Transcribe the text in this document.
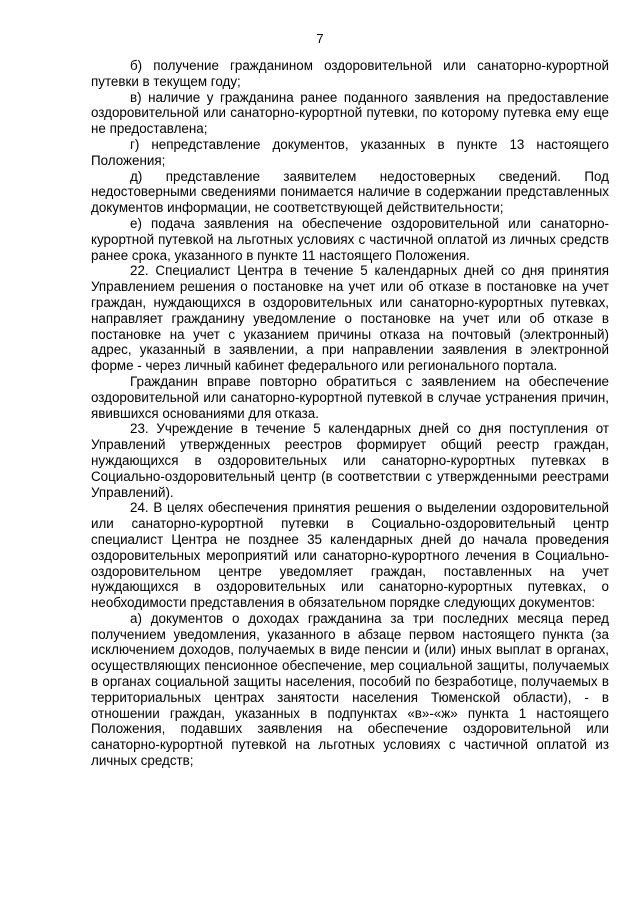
7

б) получение гражданином оздоровительной или санаторно-курортной путевки в текущем году;

в) наличие у гражданина ранее поданного заявления на предоставление оздоровительной или санаторно-курортной путевки, по которому путевка ему еще не предоставлена;

г) непредставление документов, указанных в пункте 13 настоящего Положения;

д) представление заявителем недостоверных сведений. Под недостоверными сведениями понимается наличие в содержании представленных документов информации, не соответствующей действительности;

е) подача заявления на обеспечение оздоровительной или санаторно-курортной путевкой на льготных условиях с частичной оплатой из личных средств ранее срока, указанного в пункте 11 настоящего Положения.

22. Специалист Центра в течение 5 календарных дней со дня принятия Управлением решения о постановке на учет или об отказе в постановке на учет граждан, нуждающихся в оздоровительных или санаторно-курортных путевках, направляет гражданину уведомление о постановке на учет или об отказе в постановке на учет с указанием причины отказа на почтовый (электронный) адрес, указанный в заявлении, а при направлении заявления в электронной форме - через личный кабинет федерального или регионального портала.

Гражданин вправе повторно обратиться с заявлением на обеспечение оздоровительной или санаторно-курортной путевкой в случае устранения причин, явившихся основаниями для отказа.

23. Учреждение в течение 5 календарных дней со дня поступления от Управлений утвержденных реестров формирует общий реестр граждан, нуждающихся в оздоровительных или санаторно-курортных путевках в Социально-оздоровительный центр (в соответствии с утвержденными реестрами Управлений).

24. В целях обеспечения принятия решения о выделении оздоровительной или санаторно-курортной путевки в Социально-оздоровительный центр специалист Центра не позднее 35 календарных дней до начала проведения оздоровительных мероприятий или санаторно-курортного лечения в Социально-оздоровительном центре уведомляет граждан, поставленных на учет нуждающихся в оздоровительных или санаторно-курортных путевках, о необходимости представления в обязательном порядке следующих документов:

а) документов о доходах гражданина за три последних месяца перед получением уведомления, указанного в абзаце первом настоящего пункта (за исключением доходов, получаемых в виде пенсии и (или) иных выплат в органах, осуществляющих пенсионное обеспечение, мер социальной защиты, получаемых в органах социальной защиты населения, пособий по безработице, получаемых в территориальных центрах занятости населения Тюменской области), - в отношении граждан, указанных в подпунктах «в»-«ж» пункта 1 настоящего Положения, подавших заявления на обеспечение оздоровительной или санаторно-курортной путевкой на льготных условиях с частичной оплатой из личных средств;
